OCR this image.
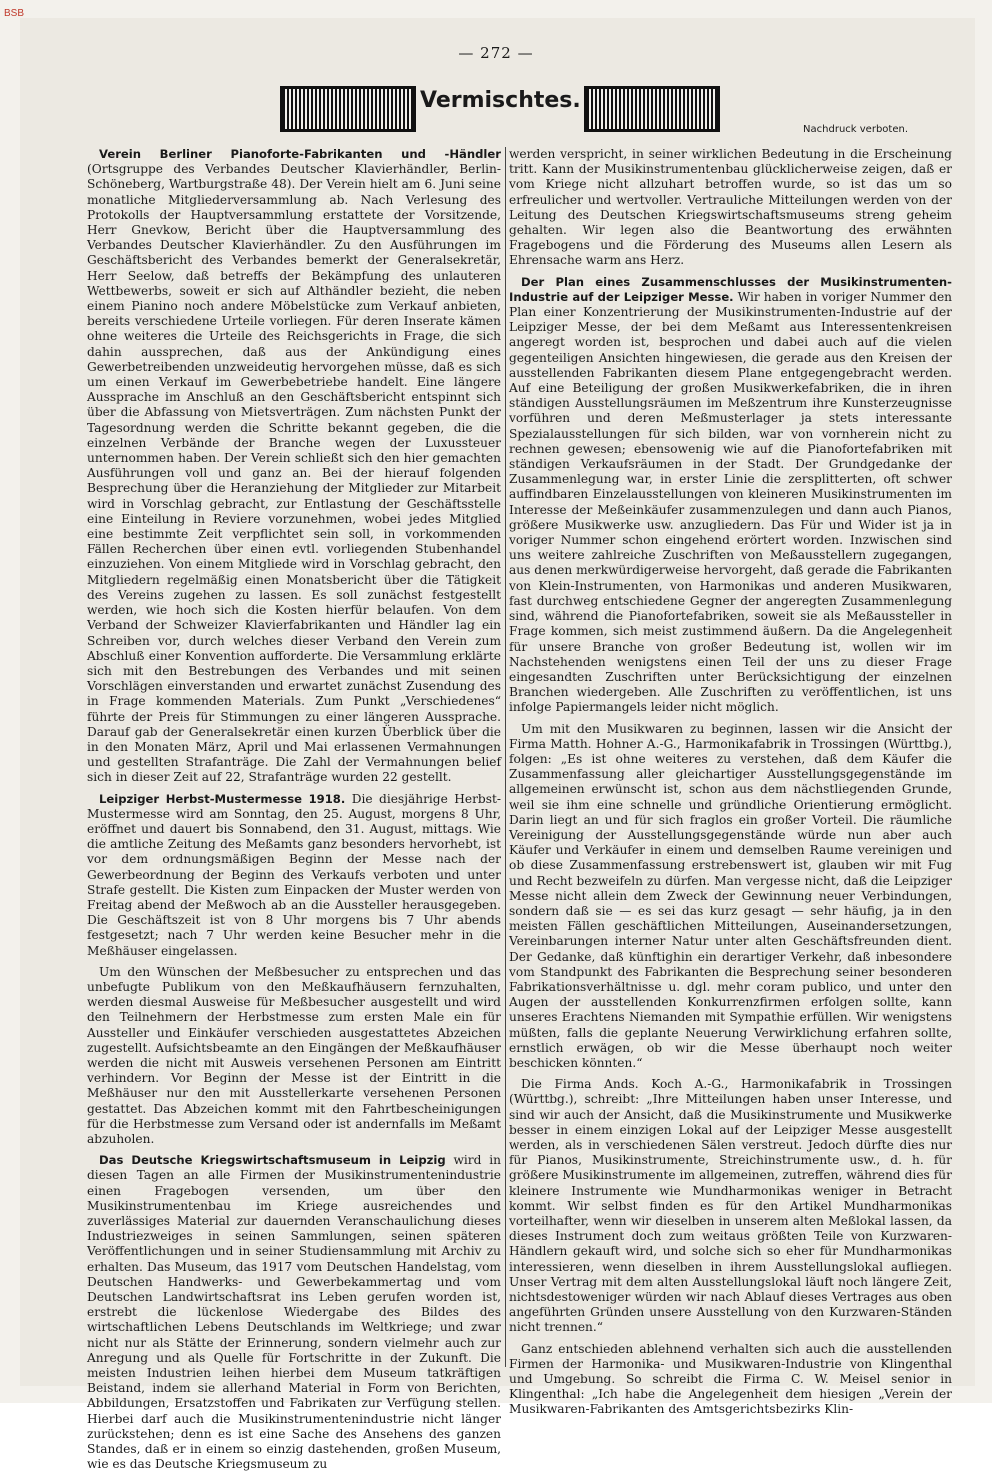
BSB
— 272 —
Vermischtes.
Nachdruck verboten.

Verein Berliner Pianoforte-Fabrikanten und -Händler (Ortsgruppe des Verbandes Deutscher Klavierhändler, Berlin-Schöneberg, Wartburgstraße 48). Der Verein hielt am 6. Juni seine monatliche Mitgliederversammlung ab. Nach Verlesung des Protokolls der Hauptversammlung erstattete der Vorsitzende, Herr Gnevkow, Bericht über die Hauptversammlung des Verbandes Deutscher Klavierhändler. Zu den Ausführungen im Geschäftsbericht des Verbandes bemerkt der Generalsekretär, Herr Seelow, daß betreffs der Bekämpfung des unlauteren Wettbewerbs, soweit er sich auf Althändler bezieht, die neben einem Pianino noch andere Möbelstücke zum Verkauf anbieten, bereits verschiedene Urteile vorliegen. Für deren Inserate kämen ohne weiteres die Urteile des Reichsgerichts in Frage, die sich dahin aussprechen, daß aus der Ankündigung eines Gewerbetreibenden unzweideutig hervorgehen müsse, daß es sich um einen Verkauf im Gewerbebetriebe handelt. Eine längere Aussprache im Anschluß an den Geschäftsbericht entspinnt sich über die Abfassung von Mietsverträgen. Zum nächsten Punkt der Tagesordnung werden die Schritte bekannt gegeben, die die einzelnen Verbände der Branche wegen der Luxussteuer unternommen haben. Der Verein schließt sich den hier gemachten Ausführungen voll und ganz an. Bei der hierauf folgenden Besprechung über die Heranziehung der Mitglieder zur Mitarbeit wird in Vorschlag gebracht, zur Entlastung der Geschäftsstelle eine Einteilung in Reviere vorzunehmen, wobei jedes Mitglied eine bestimmte Zeit verpflichtet sein soll, in vorkommenden Fällen Recherchen über einen evtl. vorliegenden Stubenhandel einzuziehen. Von einem Mitgliede wird in Vorschlag gebracht, den Mitgliedern regelmäßig einen Monatsbericht über die Tätigkeit des Vereins zugehen zu lassen. Es soll zunächst festgestellt werden, wie hoch sich die Kosten hierfür belaufen. Von dem Verband der Schweizer Klavierfabrikanten und Händler lag ein Schreiben vor, durch welches dieser Verband den Verein zum Abschluß einer Konvention aufforderte. Die Versammlung erklärte sich mit den Bestrebungen des Verbandes und mit seinen Vorschlägen einverstanden und erwartet zunächst Zusendung des in Frage kommenden Materials. Zum Punkt „Verschiedenes“ führte der Preis für Stimmungen zu einer längeren Aussprache. Darauf gab der Generalsekretär einen kurzen Überblick über die in den Monaten März, April und Mai erlassenen Vermahnungen und gestellten Strafanträge. Die Zahl der Vermahnungen belief sich in dieser Zeit auf 22, Strafanträge wurden 22 gestellt.

Leipziger Herbst-Mustermesse 1918. Die diesjährige Herbst-Mustermesse wird am Sonntag, den 25. August, morgens 8 Uhr, eröffnet und dauert bis Sonnabend, den 31. August, mittags. Wie die amtliche Zeitung des Meßamts ganz besonders hervorhebt, ist vor dem ordnungsmäßigen Beginn der Messe nach der Gewerbeordnung der Beginn des Verkaufs verboten und unter Strafe gestellt. Die Kisten zum Einpacken der Muster werden von Freitag abend der Meßwoch ab an die Aussteller herausgegeben. Die Geschäftszeit ist von 8 Uhr morgens bis 7 Uhr abends festgesetzt; nach 7 Uhr werden keine Besucher mehr in die Meßhäuser eingelassen.

Um den Wünschen der Meßbesucher zu entsprechen und das unbefugte Publikum von den Meßkaufhäusern fernzuhalten, werden diesmal Ausweise für Meßbesucher ausgestellt und wird den Teilnehmern der Herbstmesse zum ersten Male ein für Aussteller und Einkäufer verschieden ausgestattetes Abzeichen zugestellt. Aufsichtsbeamte an den Eingängen der Meßkaufhäuser werden die nicht mit Ausweis versehenen Personen am Eintritt verhindern. Vor Beginn der Messe ist der Eintritt in die Meßhäuser nur den mit Ausstellerkarte versehenen Personen gestattet. Das Abzeichen kommt mit den Fahrtbescheinigungen für die Herbstmesse zum Versand oder ist andernfalls im Meßamt abzuholen.

Das Deutsche Kriegswirtschaftsmuseum in Leipzig wird in diesen Tagen an alle Firmen der Musikinstrumentenindustrie einen Fragebogen versenden, um über den Musikinstrumentenbau im Kriege ausreichendes und zuverlässiges Material zur dauernden Veranschaulichung dieses Industriezweiges in seinen Sammlungen, seinen späteren Veröffentlichungen und in seiner Studiensammlung mit Archiv zu erhalten. Das Museum, das 1917 vom Deutschen Handelstag, vom Deutschen Handwerks- und Gewerbekammertag und vom Deutschen Landwirtschaftsrat ins Leben gerufen worden ist, erstrebt die lückenlose Wiedergabe des Bildes des wirtschaftlichen Lebens Deutschlands im Weltkriege; und zwar nicht nur als Stätte der Erinnerung, sondern vielmehr auch zur Anregung und als Quelle für Fortschritte in der Zukunft. Die meisten Industrien leihen hierbei dem Museum tatkräftigen Beistand, indem sie allerhand Material in Form von Berichten, Abbildungen, Ersatzstoffen und Fabrikaten zur Verfügung stellen. Hierbei darf auch die Musikinstrumentenindustrie nicht länger zurückstehen; denn es ist eine Sache des Ansehens des ganzen Standes, daß er in einem so einzig dastehenden, großen Museum, wie es das Deutsche Kriegsmuseum zu

werden verspricht, in seiner wirklichen Bedeutung in die Erscheinung tritt. Kann der Musikinstrumentenbau glücklicherweise zeigen, daß er vom Kriege nicht allzuhart betroffen wurde, so ist das um so erfreulicher und wertvoller. Vertrauliche Mitteilungen werden von der Leitung des Deutschen Kriegswirtschaftsmuseums streng geheim gehalten. Wir legen also die Beantwortung des erwähnten Fragebogens und die Förderung des Museums allen Lesern als Ehrensache warm ans Herz.

Der Plan eines Zusammenschlusses der Musikinstrumenten-Industrie auf der Leipziger Messe. Wir haben in voriger Nummer den Plan einer Konzentrierung der Musikinstrumenten-Industrie auf der Leipziger Messe, der bei dem Meßamt aus Interessentenkreisen angeregt worden ist, besprochen und dabei auch auf die vielen gegenteiligen Ansichten hingewiesen, die gerade aus den Kreisen der ausstellenden Fabrikanten diesem Plane entgegengebracht werden. Auf eine Beteiligung der großen Musikwerkefabriken, die in ihren ständigen Ausstellungsräumen im Meßzentrum ihre Kunsterzeugnisse vorführen und deren Meßmusterlager ja stets interessante Spezialausstellungen für sich bilden, war von vornherein nicht zu rechnen gewesen; ebensowenig wie auf die Pianofortefabriken mit ständigen Verkaufsräumen in der Stadt. Der Grundgedanke der Zusammenlegung war, in erster Linie die zersplitterten, oft schwer auffindbaren Einzelausstellungen von kleineren Musikinstrumenten im Interesse der Meßeinkäufer zusammenzulegen und dann auch Pianos, größere Musikwerke usw. anzugliedern. Das Für und Wider ist ja in voriger Nummer schon eingehend erörtert worden. Inzwischen sind uns weitere zahlreiche Zuschriften von Meßausstellern zugegangen, aus denen merkwürdigerweise hervorgeht, daß gerade die Fabrikanten von Klein-Instrumenten, von Harmonikas und anderen Musikwaren, fast durchweg entschiedene Gegner der angeregten Zusammenlegung sind, während die Pianofortefabriken, soweit sie als Meßaussteller in Frage kommen, sich meist zustimmend äußern. Da die Angelegenheit für unsere Branche von großer Bedeutung ist, wollen wir im Nachstehenden wenigstens einen Teil der uns zu dieser Frage eingesandten Zuschriften unter Berücksichtigung der einzelnen Branchen wiedergeben. Alle Zuschriften zu veröffentlichen, ist uns infolge Papiermangels leider nicht möglich.

Um mit den Musikwaren zu beginnen, lassen wir die Ansicht der Firma Matth. Hohner A.-G., Harmonikafabrik in Trossingen (Württbg.), folgen: „Es ist ohne weiteres zu verstehen, daß dem Käufer die Zusammenfassung aller gleichartiger Ausstellungsgegenstände im allgemeinen erwünscht ist, schon aus dem nächstliegenden Grunde, weil sie ihm eine schnelle und gründliche Orientierung ermöglicht. Darin liegt an und für sich fraglos ein großer Vorteil. Die räumliche Vereinigung der Ausstellungsgegenstände würde nun aber auch Käufer und Verkäufer in einem und demselben Raume vereinigen und ob diese Zusammenfassung erstrebenswert ist, glauben wir mit Fug und Recht bezweifeln zu dürfen. Man vergesse nicht, daß die Leipziger Messe nicht allein dem Zweck der Gewinnung neuer Verbindungen, sondern daß sie — es sei das kurz gesagt — sehr häufig, ja in den meisten Fällen geschäftlichen Mitteilungen, Auseinandersetzungen, Vereinbarungen interner Natur unter alten Geschäftsfreunden dient. Der Gedanke, daß künftighin ein derartiger Verkehr, daß inbesondere vom Standpunkt des Fabrikanten die Besprechung seiner besonderen Fabrikationsverhältnisse u. dgl. mehr coram publico, und unter den Augen der ausstellenden Konkurrenzfirmen erfolgen sollte, kann unseres Erachtens Niemanden mit Sympathie erfüllen. Wir wenigstens müßten, falls die geplante Neuerung Verwirklichung erfahren sollte, ernstlich erwägen, ob wir die Messe überhaupt noch weiter beschicken könnten.“

Die Firma Ands. Koch A.-G., Harmonikafabrik in Trossingen (Württbg.), schreibt: „Ihre Mitteilungen haben unser Interesse, und sind wir auch der Ansicht, daß die Musikinstrumente und Musikwerke besser in einem einzigen Lokal auf der Leipziger Messe ausgestellt werden, als in verschiedenen Sälen verstreut. Jedoch dürfte dies nur für Pianos, Musikinstrumente, Streichinstrumente usw., d. h. für größere Musikinstrumente im allgemeinen, zutreffen, während dies für kleinere Instrumente wie Mundharmonikas weniger in Betracht kommt. Wir selbst finden es für den Artikel Mundharmonikas vorteilhafter, wenn wir dieselben in unserem alten Meßlokal lassen, da dieses Instrument doch zum weitaus größten Teile von Kurzwaren-Händlern gekauft wird, und solche sich so eher für Mundharmonikas interessieren, wenn dieselben in ihrem Ausstellungslokal aufliegen. Unser Vertrag mit dem alten Ausstellungslokal läuft noch längere Zeit, nichtsdestoweniger würden wir nach Ablauf dieses Vertrages aus oben angeführten Gründen unsere Ausstellung von den Kurzwaren-Ständen nicht trennen.“

Ganz entschieden ablehnend verhalten sich auch die ausstellenden Firmen der Harmonika- und Musikwaren-Industrie von Klingenthal und Umgebung. So schreibt die Firma C. W. Meisel senior in Klingenthal: „Ich habe die Angelegenheit dem hiesigen „Verein der Musikwaren-Fabrikanten des Amtsgerichtsbezirks Klin-
